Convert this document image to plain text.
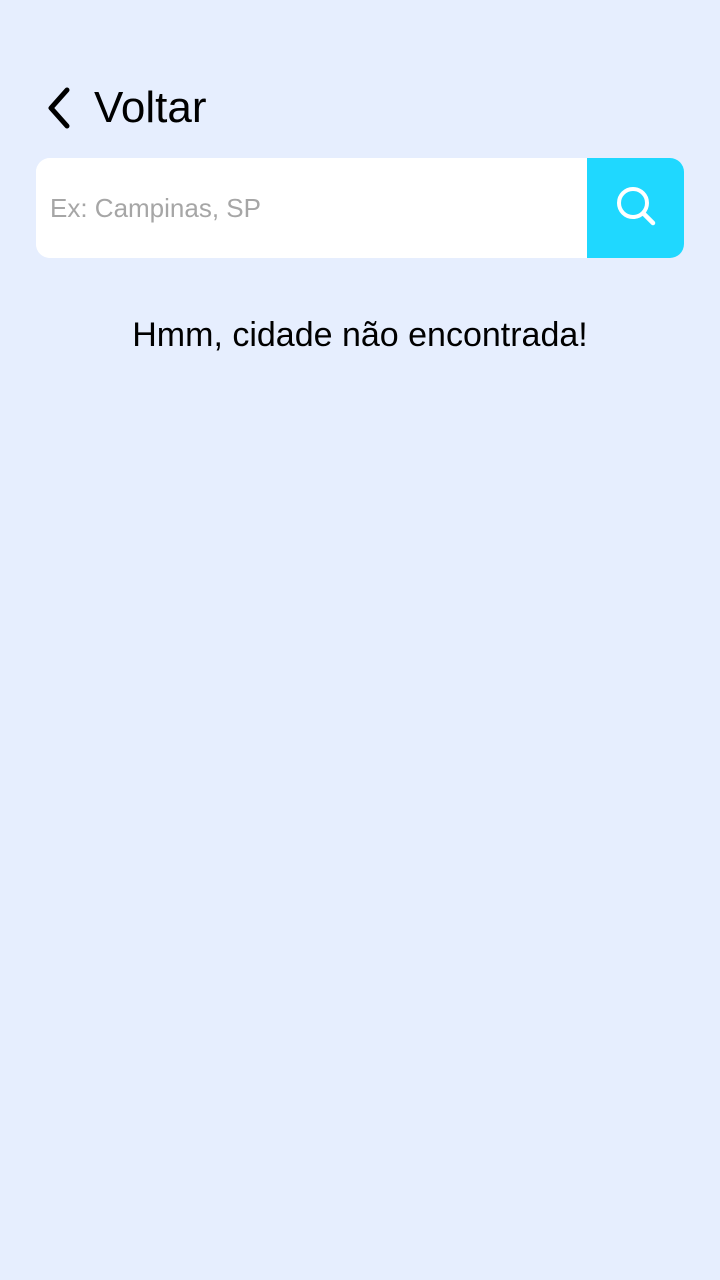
Voltar
Ex: Campinas, SP
Hmm, cidade não encontrada!
